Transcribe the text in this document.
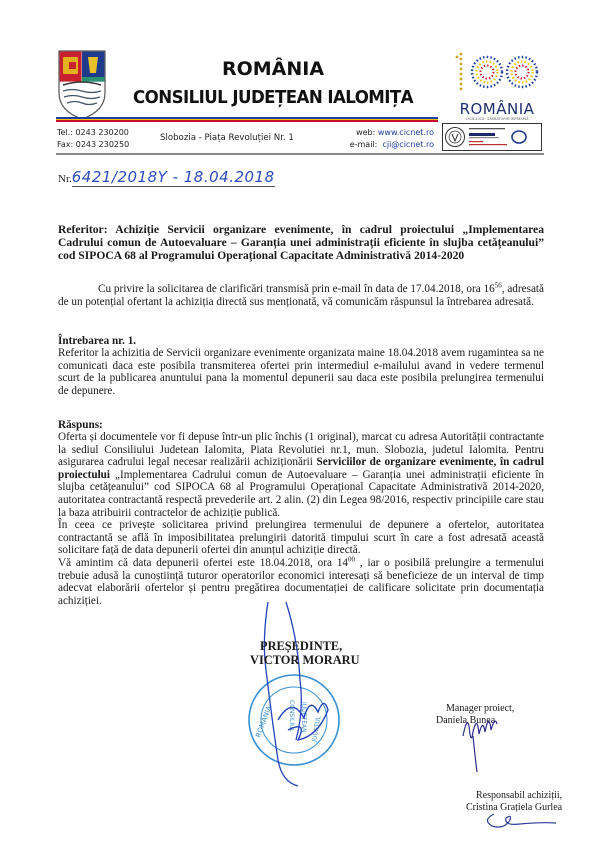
ROMÂNIA
CONSILIUL JUDEȚEAN IALOMIȚA
ROMÂNIA
1918-2018 · SĂRBĂTORIM ÎMPREUNĂ
Tel.: 0243 230200
Fax: 0243 230250
Slobozia - Piața Revoluției Nr. 1
web: www.cicnet.ro
e-mail: cji@cicnet.ro
Nr.6421/2018Y - 18.04.2018
Referitor: Achiziție Servicii organizare evenimente, în cadrul proiectului „Implementarea Cadrului comun de Autoevaluare – Garanția unei administrații eficiente în slujba cetățeanului” cod SIPOCA 68 al Programului Operațional Capacitate Administrativă 2014-2020
Cu privire la solicitarea de clarificări transmisă prin e-mail în data de 17.04.2018, ora $16^{56}$, adresată de un potențial ofertant la achiziția directă sus menționată, vă comunicăm răspunsul la întrebarea adresată.
Întrebarea nr. 1.
Referitor la achizitia de Servicii organizare evenimente organizata maine 18.04.2018 avem rugamintea sa ne comunicati daca este posibila transmiterea ofertei prin intermediul e-mailului avand in vedere termenul scurt de la publicarea anuntului pana la momentul depunerii sau daca este posibila prelungirea termenului de depunere.
Răspuns:
Oferta și documentele vor fi depuse într-un plic închis (1 original), marcat cu adresa Autorității contractante la sediul Consiliului Judetean Ialomita, Piata Revolutiei nr.1, mun. Slobozia, judetul Ialomita. Pentru asigurarea cadrului legal necesar realizării achiziționării Serviciilor de organizare evenimente, în cadrul proiectului „Implementarea Cadrului comun de Autoevaluare – Garanția unei administrații eficiente în slujba cetățeanului” cod SIPOCA 68 al Programului Operațional Capacitate Administrativă 2014-2020, autoritatea contractantă respectă prevederile art. 2 alin. (2) din Legea 98/2016, respectiv principiile care stau la baza atribuirii contractelor de achiziție publică.
În ceea ce privește solicitarea privind prelungirea termenului de depunere a ofertelor, autoritatea contractantă se află în imposibilitatea prelungirii datorită timpului scurt în care a fost adresată această solicitare față de data depunerii ofertei din anunțul achiziție directă.
Vă amintim că data depunerii ofertei este 18.04.2018, ora $14^{00}$ , iar o posibilă prelungire a termenului trebuie adusă la cunoștiință tuturor operatorilor economici interesați să beneficieze de un interval de timp adecvat elaborării ofertelor și pentru pregătirea documentației de calificare solicitate prin documentația achiziției.
ROMÂNIA CONSILIUL JUDEȚEAN JUDEȚUL
PREȘEDINTE,
VICTOR MORARU
Manager proiect,
Daniela Bunea
Responsabil achiziții,
Cristina Grațiela Gurlea
